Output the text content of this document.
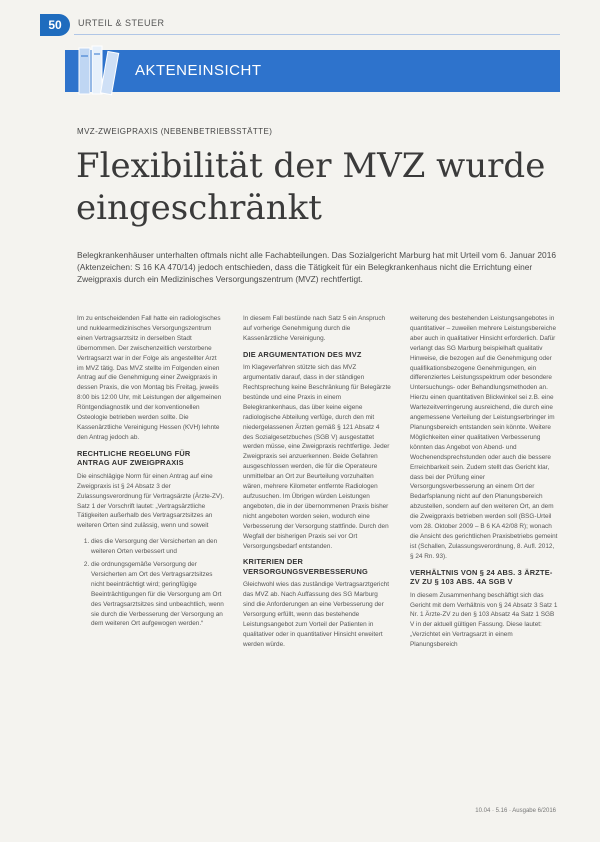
50	URTEIL & STEUER
AKTENEINSICHT
MVZ-ZWEIGPRAXIS (NEBENBETRIEBSSTÄTTE)
Flexibilität der MVZ wurde eingeschränkt
Belegkrankenhäuser unterhalten oftmals nicht alle Fachabteilungen. Das Sozialgericht Marburg hat mit Urteil vom 6. Januar 2016 (Aktenzeichen: S 16 KA 470/14) jedoch entschieden, dass die Tätigkeit für ein Belegkrankenhaus nicht die Errichtung einer Zweigpraxis durch ein Medizinisches Versorgungszentrum (MVZ) rechtfertigt.

Im zu entscheidenden Fall hatte ein radiologisches und nuklearmedizinisches Versorgungszentrum einen Vertragsarztsitz in derselben Stadt übernommen. Der zwischenzeitlich verstorbene Vertragsarzt war in der Folge als angestellter Arzt im MVZ tätig. Das MVZ stellte im Folgenden einen Antrag auf die Genehmigung einer Zweigpraxis in dessen Praxis, die von Montag bis Freitag, jeweils 8:00 bis 12:00 Uhr, mit Leistungen der allgemeinen Röntgendiagnostik und der konventionellen Osteologie betrieben werden sollte. Die Kassenärztliche Vereinigung Hessen (KVH) lehnte den Antrag jedoch ab.

RECHTLICHE REGELUNG FÜR ANTRAG AUF ZWEIGPRAXIS

Die einschlägige Norm für einen Antrag auf eine Zweigpraxis ist § 24 Absatz 3 der Zulassungsverordnung für Vertragsärzte (Ärzte-ZV). Satz 1 der Vorschrift lautet: „Vertragsärztliche Tätigkeiten außerhalb des Vertragsarztsitzes an weiteren Orten sind zulässig, wenn und soweit

1. dies die Versorgung der Versicherten an den weiteren Orten verbessert und
2. die ordnungsgemäße Versorgung der Versicherten am Ort des Vertragsarztsitzes nicht beeinträchtigt wird; geringfügige Beeinträchtigungen für die Versorgung am Ort des Vertragsarztsitzes sind unbeachtlich, wenn sie durch die Verbesserung der Versorgung an dem weiteren Ort aufgewogen werden.“

In diesem Fall bestünde nach Satz 5 ein Anspruch auf vorherige Genehmigung durch die Kassenärztliche Vereinigung.

DIE ARGUMENTATION DES MVZ

Im Klageverfahren stützte sich das MVZ argumentativ darauf, dass in der ständigen Rechtsprechung keine Beschränkung für Belegärzte bestünde und eine Praxis in einem Belegkrankenhaus, das über keine eigene radiologische Abteilung verfüge, durch den mit niedergelassenen Ärzten gemäß § 121 Absatz 4 des Sozialgesetzbuches (SGB V) ausgestattet werden müsse, eine Zweigpraxis rechtfertige. Jeder Zweigpraxis sei anzuerkennen. Beide Gefahren ausgeschlossen werden, die für die Operateure unmittelbar an Ort zur Beurteilung vorzuhalten wären, mehrere Kilometer entfernte Radiologen aufzusuchen. Im Übrigen würden Leistungen angeboten, die in der übernommenen Praxis bisher nicht angeboten worden seien, wodurch eine Verbesserung der Versorgung stattfinde. Durch den Wegfall der bisherigen Praxis sei vor Ort Versorgungsbedarf entstanden.

KRITERIEN DER VERSORGUNGSVERBESSERUNG

Gleichwohl wies das zuständige Vertragsarztgericht das MVZ ab. Nach Auffassung des SG Marburg sind die Anforderungen an eine Verbesserung der Versorgung erfüllt, wenn das bestehende Leistungsangebot zum Vorteil der Patienten in qualitativer oder in quantitativer Hinsicht erweitert werden würde.

weiterung des bestehenden Leistungsangebotes in quantitativer – zuweilen mehrere Leistungsbereiche aber auch in qualitativer Hinsicht erforderlich. Dafür verlangt das SG Marburg beispielhaft qualitativ Hinweise, die bezogen auf die Genehmigung oder qualifikationsbezogene Genehmigungen, ein differenziertes Leistungsspektrum oder besondere Untersuchungs- oder Behandlungsmethoden an. Hierzu einen quantitativen Blickwinkel sei z.B. eine Wartezeitverringerung ausreichend, die durch eine angemessene Verteilung der Leistungserbringer im Planungsbereich entstanden sein könnte. Weitere Möglichkeiten einer qualitativen Verbesserung könnten das Angebot von Abend- und Wochenendsprechstunden oder auch die bessere Erreichbarkeit sein. Zudem stellt das Gericht klar, dass bei der Prüfung einer Versorgungsverbesserung an einem Ort der Bedarfsplanung nicht auf den Planungsbereich abzustellen, sondern auf den weiteren Ort, an dem die Zweigpraxis betrieben werden soll (BSG-Urteil vom 28. Oktober 2009 – B 6 KA 42/08 R); wonach die Ansicht des gerichtlichen Praxisbetriebs gemeint ist (Schallen, Zulassungsverordnung, 8. Aufl. 2012, § 24 Rn. 93).

VERHÄLTNIS VON § 24 ABS. 3 ÄRZTE-ZV ZU § 103 ABS. 4A SGB V

In diesem Zusammenhang beschäftigt sich das Gericht mit dem Verhältnis von § 24 Absatz 3 Satz 1 Nr. 1 Ärzte-ZV zu den § 103 Absatz 4a Satz 1 SGB V in der aktuell gültigen Fassung. Diese lautet: „Verzichtet ein Vertragsarzt in einem Planungsbereich

10.04 · 5.16 · Ausgabe 6/2016
